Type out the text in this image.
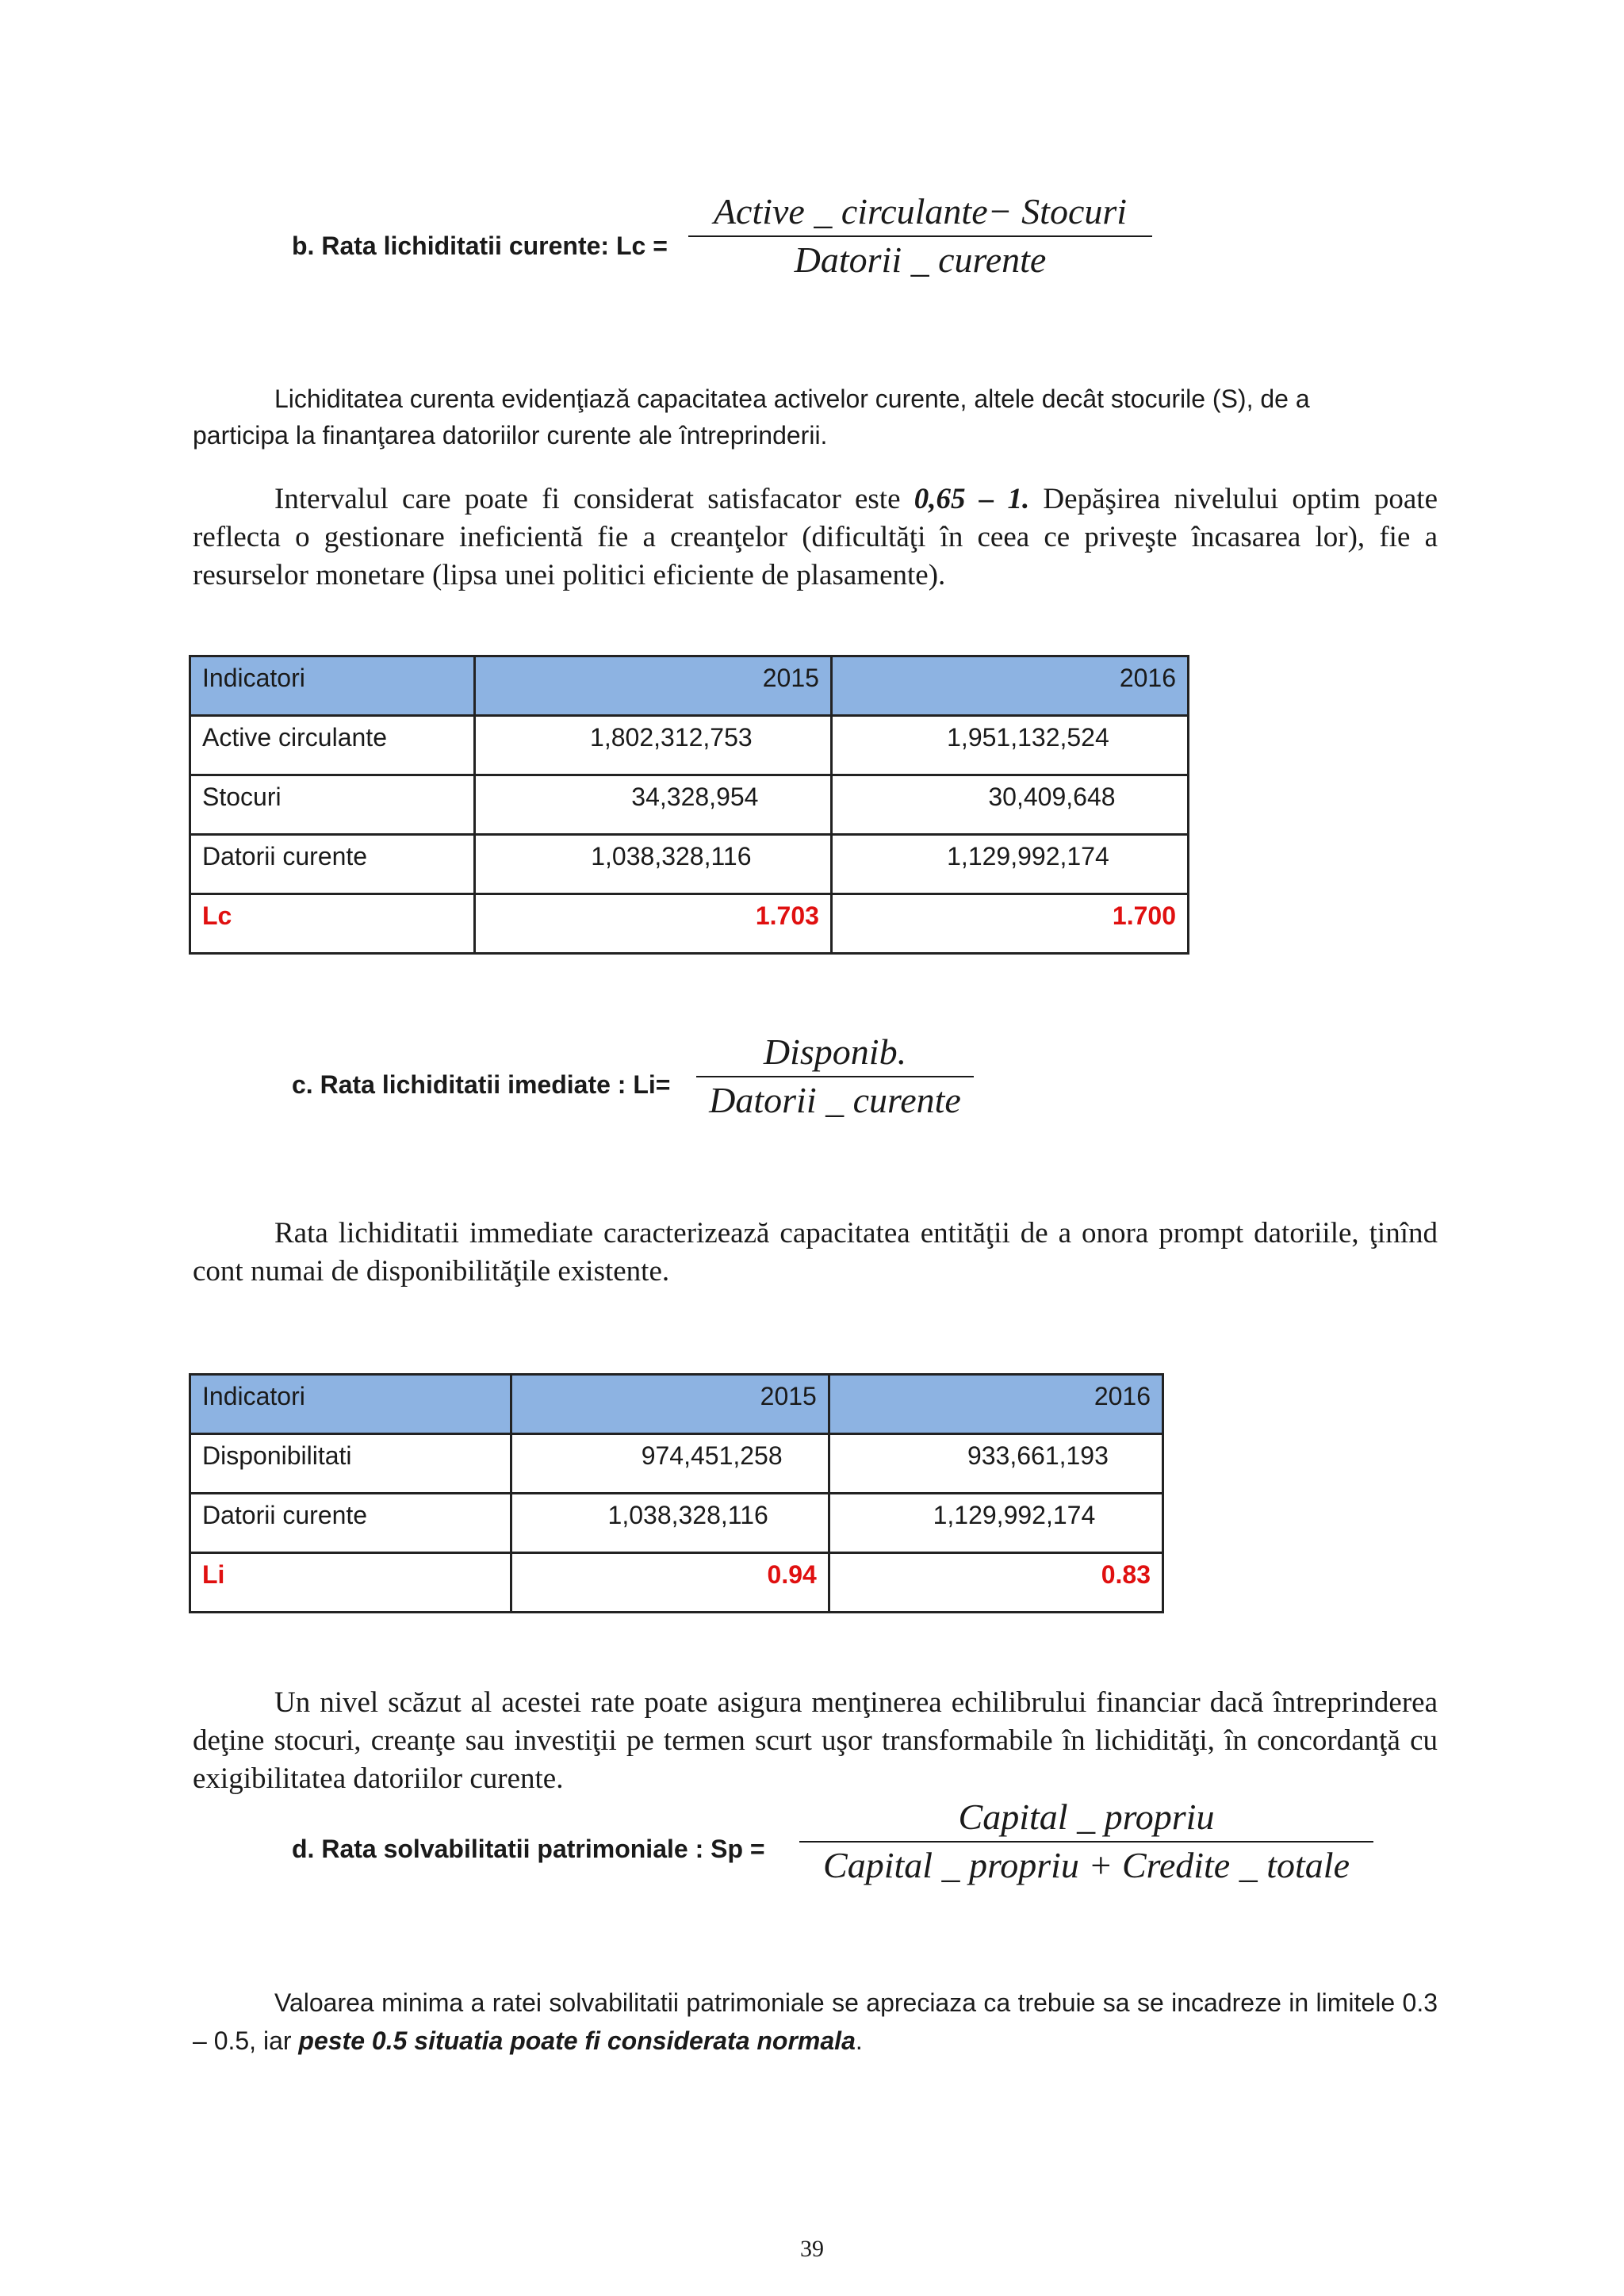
b. Rata lichiditatii curente: Lc =
Active _ circulante− Stocuri
Datorii _ curente
Lichiditatea curenta evidenţiază capacitatea activelor curente, altele decât stocurile (S), de a
participa la finanţarea datoriilor curente ale întreprinderii.
Intervalul care poate fi considerat satisfacator este 0,65 – 1. Depăşirea nivelului optim poate reflecta o gestionare ineficientă fie a creanţelor (dificultăţi în ceea ce priveşte încasarea lor), fie a resurselor monetare (lipsa unei politici eficiente de plasamente).
Indicatori	2015	2016
Active circulante	1,802,312,753	1,951,132,524
Stocuri	34,328,954	30,409,648
Datorii curente	1,038,328,116	1,129,992,174
Lc	1.703	1.700
c. Rata lichiditatii imediate : Li=
Disponib.
Datorii _ curente
Rata lichiditatii immediate caracterizează capacitatea entităţii de a onora prompt datoriile, ţinînd cont numai de disponibilităţile existente.
Indicatori	2015	2016
Disponibilitati	974,451,258	933,661,193
Datorii curente	1,038,328,116	1,129,992,174
Li	0.94	0.83
Un nivel scăzut al acestei rate poate asigura menţinerea echilibrului financiar dacă întreprinderea deţine stocuri, creanţe sau investiţii pe termen scurt uşor transformabile în lichidităţi, în concordanţă cu exigibilitatea datoriilor curente.
d. Rata solvabilitatii patrimoniale : Sp =
Capital _ propriu
Capital _ propriu + Credite _ totale
Valoarea minima a ratei solvabilitatii patrimoniale se apreciaza ca trebuie sa se incadreze in limitele 0.3 – 0.5, iar peste 0.5 situatia poate fi considerata normala.
39
